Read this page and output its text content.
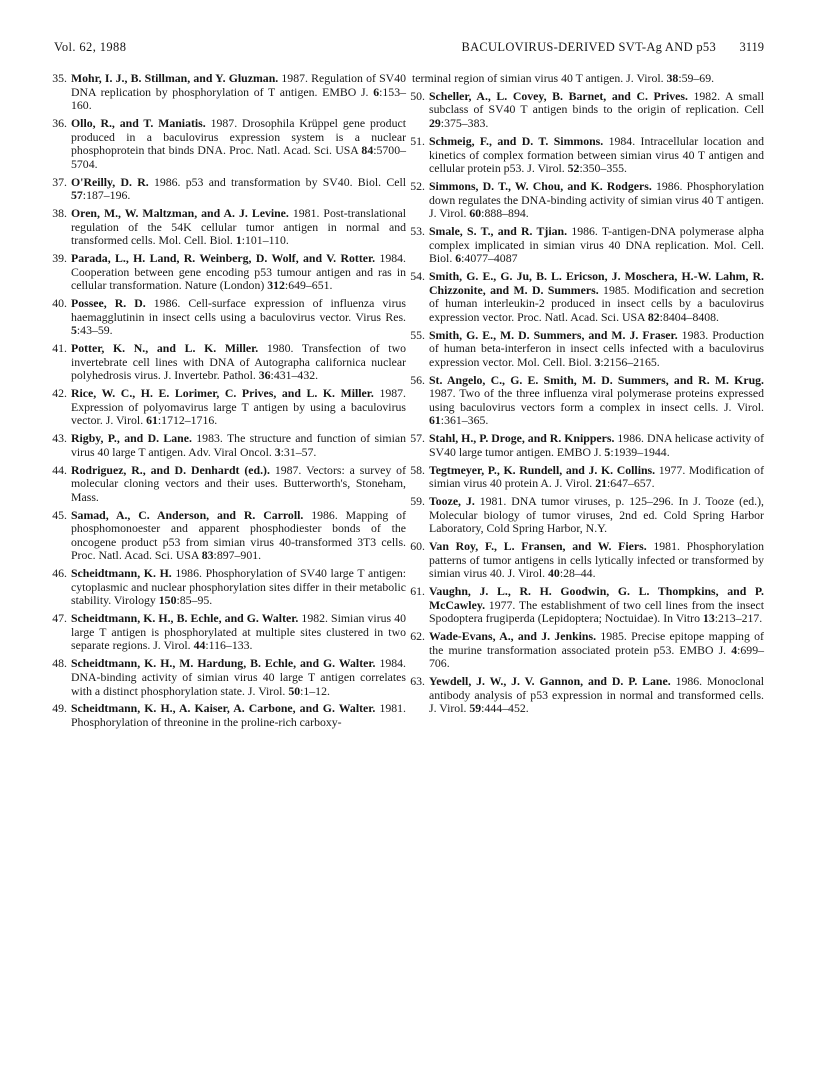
Vol. 62, 1988	BACULOVIRUS-DERIVED SVT-Ag AND p53 3119
35. Mohr, I. J., B. Stillman, and Y. Gluzman. 1987. Regulation of SV40 DNA replication by phosphorylation of T antigen. EMBO J. 6:153–160.
36. Ollo, R., and T. Maniatis. 1987. Drosophila Krüppel gene product produced in a baculovirus expression system is a nuclear phosphoprotein that binds DNA. Proc. Natl. Acad. Sci. USA 84:5700–5704.
37. O'Reilly, D. R. 1986. p53 and transformation by SV40. Biol. Cell 57:187–196.
38. Oren, M., W. Maltzman, and A. J. Levine. 1981. Post-translational regulation of the 54K cellular tumor antigen in normal and transformed cells. Mol. Cell. Biol. 1:101–110.
39. Parada, L., H. Land, R. Weinberg, D. Wolf, and V. Rotter. 1984. Cooperation between gene encoding p53 tumour antigen and ras in cellular transformation. Nature (London) 312:649–651.
40. Possee, R. D. 1986. Cell-surface expression of influenza virus haemagglutinin in insect cells using a baculovirus vector. Virus Res. 5:43–59.
41. Potter, K. N., and L. K. Miller. 1980. Transfection of two invertebrate cell lines with DNA of Autographa californica nuclear polyhedrosis virus. J. Invertebr. Pathol. 36:431–432.
42. Rice, W. C., H. E. Lorimer, C. Prives, and L. K. Miller. 1987. Expression of polyomavirus large T antigen by using a baculovirus vector. J. Virol. 61:1712–1716.
43. Rigby, P., and D. Lane. 1983. The structure and function of simian virus 40 large T antigen. Adv. Viral Oncol. 3:31–57.
44. Rodriguez, R., and D. Denhardt (ed.). 1987. Vectors: a survey of molecular cloning vectors and their uses. Butterworth's, Stoneham, Mass.
45. Samad, A., C. Anderson, and R. Carroll. 1986. Mapping of phosphomonoester and apparent phosphodiester bonds of the oncogene product p53 from simian virus 40-transformed 3T3 cells. Proc. Natl. Acad. Sci. USA 83:897–901.
46. Scheidtmann, K. H. 1986. Phosphorylation of SV40 large T antigen: cytoplasmic and nuclear phosphorylation sites differ in their metabolic stability. Virology 150:85–95.
47. Scheidtmann, K. H., B. Echle, and G. Walter. 1982. Simian virus 40 large T antigen is phosphorylated at multiple sites clustered in two separate regions. J. Virol. 44:116–133.
48. Scheidtmann, K. H., M. Hardung, B. Echle, and G. Walter. 1984. DNA-binding activity of simian virus 40 large T antigen correlates with a distinct phosphorylation state. J. Virol. 50:1–12.
49. Scheidtmann, K. H., A. Kaiser, A. Carbone, and G. Walter. 1981. Phosphorylation of threonine in the proline-rich carboxy-
terminal region of simian virus 40 T antigen. J. Virol. 38:59–69.
50. Scheller, A., L. Covey, B. Barnet, and C. Prives. 1982. A small subclass of SV40 T antigen binds to the origin of replication. Cell 29:375–383.
51. Schmeig, F., and D. T. Simmons. 1984. Intracellular location and kinetics of complex formation between simian virus 40 T antigen and cellular protein p53. J. Virol. 52:350–355.
52. Simmons, D. T., W. Chou, and K. Rodgers. 1986. Phosphorylation down regulates the DNA-binding activity of simian virus 40 T antigen. J. Virol. 60:888–894.
53. Smale, S. T., and R. Tjian. 1986. T-antigen-DNA polymerase alpha complex implicated in simian virus 40 DNA replication. Mol. Cell. Biol. 6:4077–4087
54. Smith, G. E., G. Ju, B. L. Ericson, J. Moschera, H.-W. Lahm, R. Chizzonite, and M. D. Summers. 1985. Modification and secretion of human interleukin-2 produced in insect cells by a baculovirus expression vector. Proc. Natl. Acad. Sci. USA 82:8404–8408.
55. Smith, G. E., M. D. Summers, and M. J. Fraser. 1983. Production of human beta-interferon in insect cells infected with a baculovirus expression vector. Mol. Cell. Biol. 3:2156–2165.
56. St. Angelo, C., G. E. Smith, M. D. Summers, and R. M. Krug. 1987. Two of the three influenza viral polymerase proteins expressed using baculovirus vectors form a complex in insect cells. J. Virol. 61:361–365.
57. Stahl, H., P. Droge, and R. Knippers. 1986. DNA helicase activity of SV40 large tumor antigen. EMBO J. 5:1939–1944.
58. Tegtmeyer, P., K. Rundell, and J. K. Collins. 1977. Modification of simian virus 40 protein A. J. Virol. 21:647–657.
59. Tooze, J. 1981. DNA tumor viruses, p. 125–296. In J. Tooze (ed.), Molecular biology of tumor viruses, 2nd ed. Cold Spring Harbor Laboratory, Cold Spring Harbor, N.Y.
60. Van Roy, F., L. Fransen, and W. Fiers. 1981. Phosphorylation patterns of tumor antigens in cells lytically infected or transformed by simian virus 40. J. Virol. 40:28–44.
61. Vaughn, J. L., R. H. Goodwin, G. L. Thompkins, and P. McCawley. 1977. The establishment of two cell lines from the insect Spodoptera frugiperda (Lepidoptera; Noctuidae). In Vitro 13:213–217.
62. Wade-Evans, A., and J. Jenkins. 1985. Precise epitope mapping of the murine transformation associated protein p53. EMBO J. 4:699–706.
63. Yewdell, J. W., J. V. Gannon, and D. P. Lane. 1986. Monoclonal antibody analysis of p53 expression in normal and transformed cells. J. Virol. 59:444–452.
